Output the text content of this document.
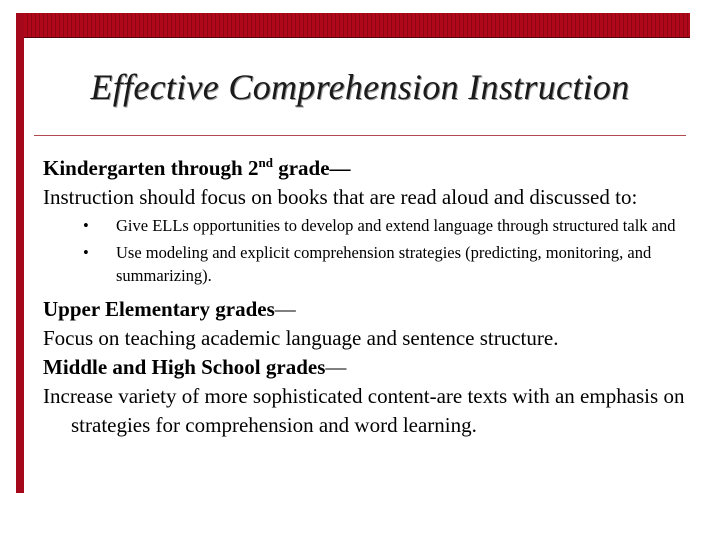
Effective Comprehension Instruction

Kindergarten through 2nd grade—

Instruction should focus on books that are read aloud and discussed to:

• Give ELLs opportunities to develop and extend language through structured talk and
• Use modeling and explicit comprehension strategies (predicting, monitoring, and summarizing).

Upper Elementary grades—

Focus on teaching academic language and sentence structure.

Middle and High School grades—

Increase variety of more sophisticated content-are texts with an emphasis on strategies for comprehension and word learning.
